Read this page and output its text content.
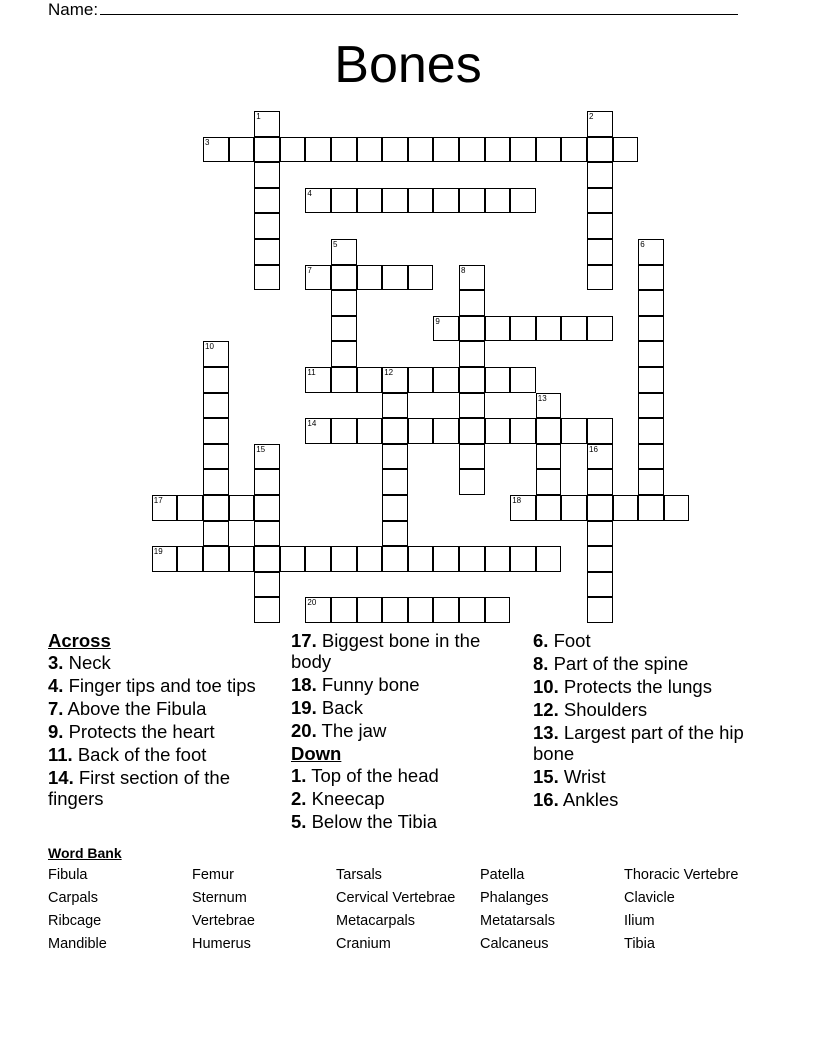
Name:
Bones
3
4
7
9
11	12
14
17	18
19
20
1	2
5	6
8
10
13
15	16
Across
3. Neck
4. Finger tips and toe tips
7. Above the Fibula
9. Protects the heart
11. Back of the foot
14. First section of the fingers
17. Biggest bone in the body
18. Funny bone
19. Back
20. The jaw
Down
1. Top of the head
2. Kneecap
5. Below the Tibia
6. Foot
8. Part of the spine
10. Protects the lungs
12. Shoulders
13. Largest part of the hip bone
15. Wrist
16. Ankles
Word Bank
Fibula	Femur	Tarsals	Patella	Thoracic Vertebre
Carpals	Sternum	Cervical Vertebrae	Phalanges	Clavicle
Ribcage	Vertebrae	Metacarpals	Metatarsals	Ilium
Mandible	Humerus	Cranium	Calcaneus	Tibia
